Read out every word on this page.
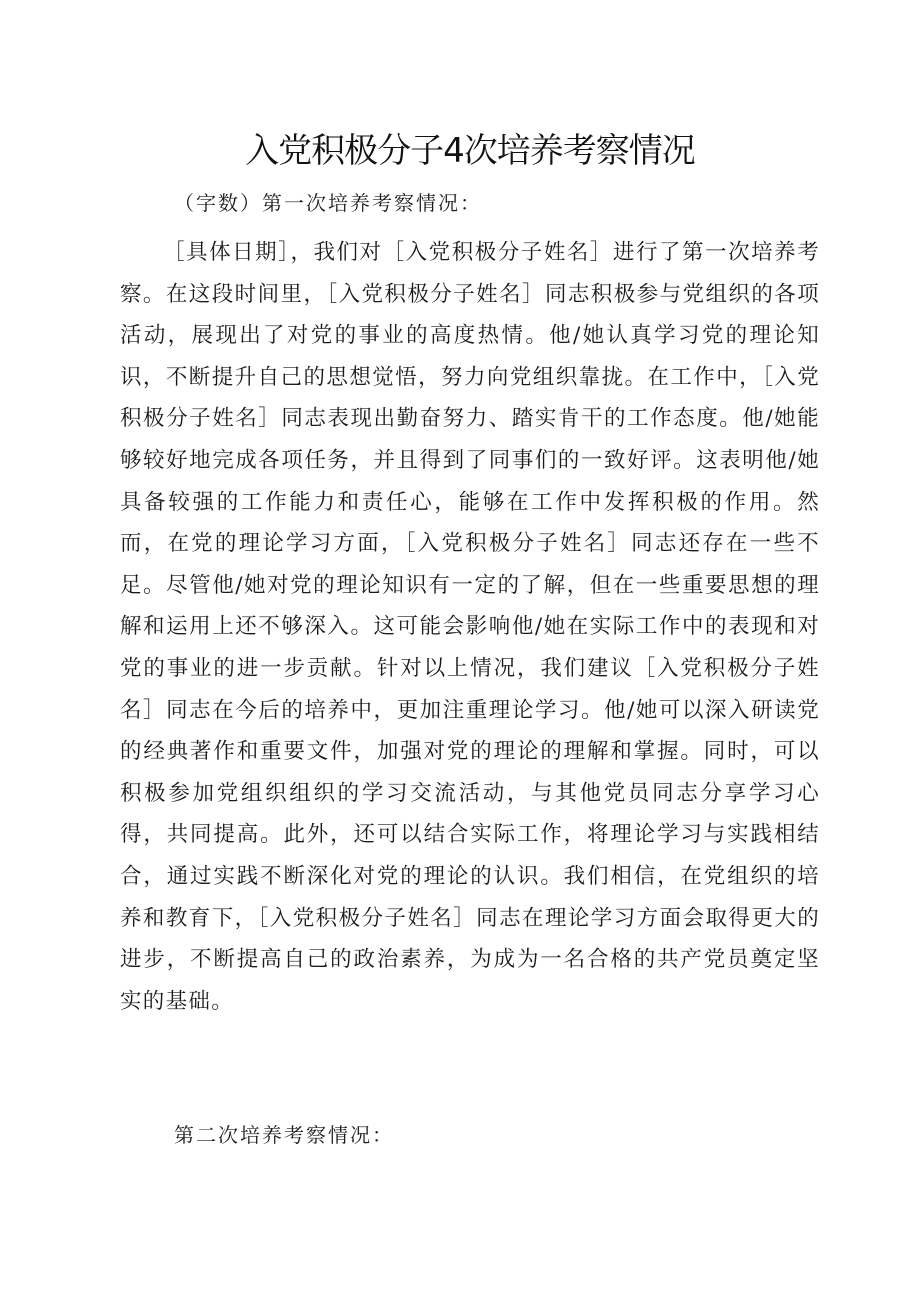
入党积极分子4次培养考察情况

（字数）第一次培养考察情况：

［具体日期］，我们对［入党积极分子姓名］进行了第一次培养考察。在这段时间里，［入党积极分子姓名］同志积极参与党组织的各项活动，展现出了对党的事业的高度热情。他/她认真学习党的理论知识，不断提升自己的思想觉悟，努力向党组织靠拢。在工作中，［入党积极分子姓名］同志表现出勤奋努力、踏实肯干的工作态度。他/她能够较好地完成各项任务，并且得到了同事们的一致好评。这表明他/她具备较强的工作能力和责任心，能够在工作中发挥积极的作用。然而，在党的理论学习方面，［入党积极分子姓名］同志还存在一些不足。尽管他/她对党的理论知识有一定的了解，但在一些重要思想的理解和运用上还不够深入。这可能会影响他/她在实际工作中的表现和对党的事业的进一步贡献。针对以上情况，我们建议［入党积极分子姓名］同志在今后的培养中，更加注重理论学习。他/她可以深入研读党的经典著作和重要文件，加强对党的理论的理解和掌握。同时，可以积极参加党组织组织的学习交流活动，与其他党员同志分享学习心得，共同提高。此外，还可以结合实际工作，将理论学习与实践相结合，通过实践不断深化对党的理论的认识。我们相信，在党组织的培养和教育下，［入党积极分子姓名］同志在理论学习方面会取得更大的进步，不断提高自己的政治素养，为成为一名合格的共产党员奠定坚实的基础。

第二次培养考察情况：
